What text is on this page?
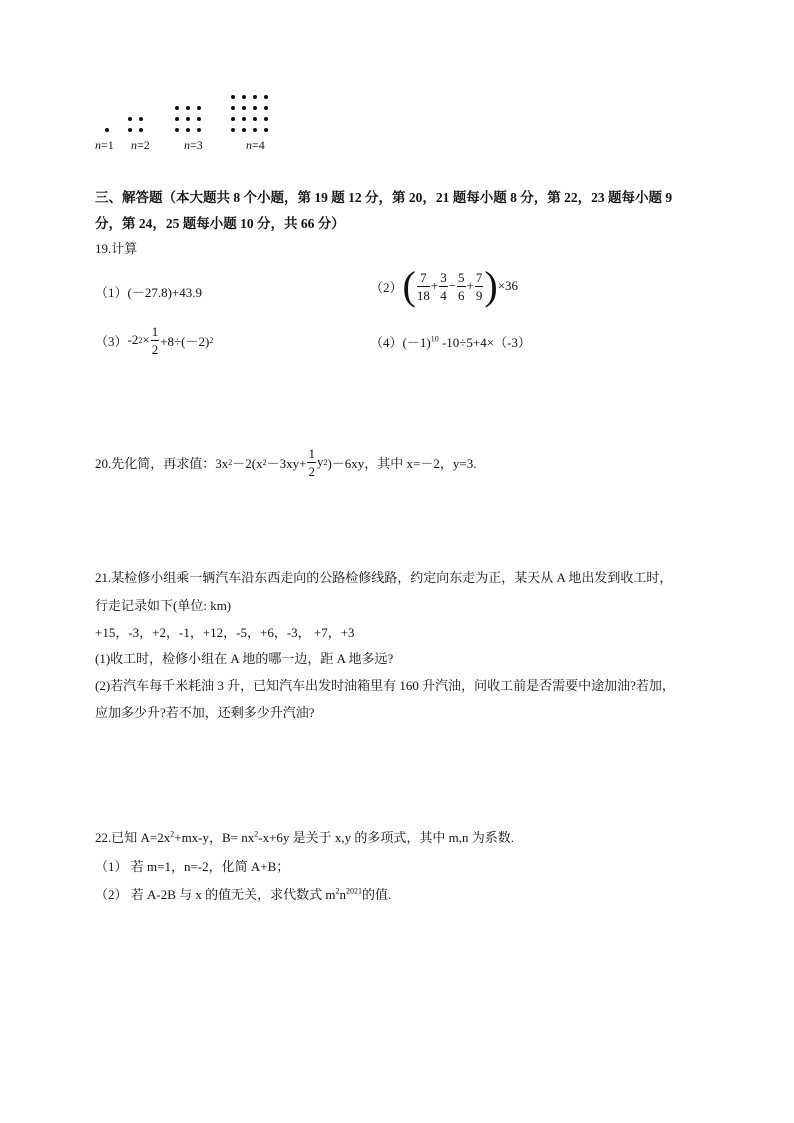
n=1 n=2	n=3	n=4
三、解答题（本大题共 8 个小题，第 19 题 12 分，第 20，21 题每小题 8 分，第 22，23 题每小题 9
分，第 24，25 题每小题 10 分，共 66 分）
19.计算
（1）(－27.8)+43.9	（2） ( $\frac{7}{18} + \frac{3}{4} - \frac{5}{6} + \frac{7}{9}$ ) ×36
（3） -2 $2 \times \frac{1}{2} +8\div(-2)$ 2	$(4)(-1)^{10}$ -10÷5+4×（-3）
20.先化简，再求值：3x 2 －2(x $2 -3xy+ \frac{1}{2}$ y 2 )－6xy，其中 x=－2，y=3.
21.某检修小组乘一辆汽车沿东西走向的公路检修线路，约定向东走为正，某天从 A 地出发到收工时，
行走记录如下(单位: km)
+15，-3，+2，-1，+12，-5，+6，-3， +7，+3
(1)收工时，检修小组在 A 地的哪一边，距 A 地多远?
(2)若汽车每千米耗油 3 升，已知汽车出发时油箱里有 160 升汽油，问收工前是否需要中途加油?若加，
应加多少升?若不加，还剩多少升汽油?
22.已知 $A=2x^2+mx-y$，$B= nx^2-x+6y$ 是关于 x,y 的多项式，其中 m,n 为系数.
（1） 若 m=1，n=-2，化简 A+B；
（2） 若 A-2B 与 x 的值无关，求代数式 $m^2n^{2021}$的值.
